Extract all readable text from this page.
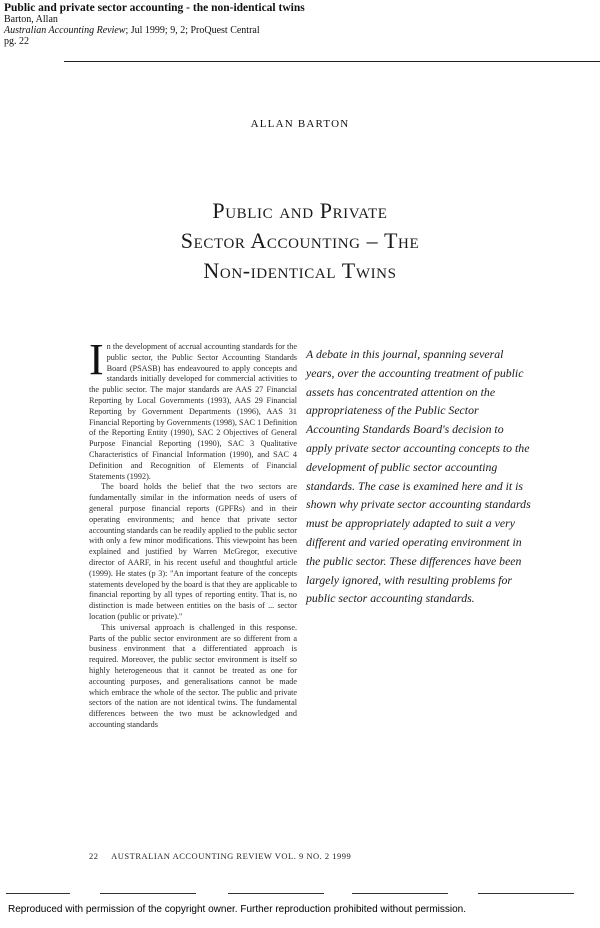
Public and private sector accounting - the non-identical twins
Barton, Allan
Australian Accounting Review; Jul 1999; 9, 2; ProQuest Central
pg. 22
ALLAN BARTON
Public and Private
Sector Accounting – The
Non-identical Twins

In the development of accrual accounting standards for the public sector, the Public Sector Accounting Standards Board (PSASB) has endeavoured to apply concepts and standards initially developed for commercial activities to the public sector. The major standards are AAS 27 Financial Reporting by Local Governments (1993), AAS 29 Financial Reporting by Government Departments (1996), AAS 31 Financial Reporting by Governments (1998), SAC 1 Definition of the Reporting Entity (1990), SAC 2 Objectives of General Purpose Financial Reporting (1990), SAC 3 Qualitative Characteristics of Financial Information (1990), and SAC 4 Definition and Recognition of Elements of Financial Statements (1992).

The board holds the belief that the two sectors are fundamentally similar in the information needs of users of general purpose financial reports (GPFRs) and in their operating environments; and hence that private sector accounting standards can be readily applied to the public sector with only a few minor modifications. This viewpoint has been explained and justified by Warren McGregor, executive director of AARF, in his recent useful and thoughtful article (1999). He states (p 3): "An important feature of the concepts statements developed by the board is that they are applicable to financial reporting by all types of reporting entity. That is, no distinction is made between entities on the basis of ... sector location (public or private)."

This universal approach is challenged in this response. Parts of the public sector environment are so different from a business environment that a differentiated approach is required. Moreover, the public sector environment is itself so highly heterogeneous that it cannot be treated as one for accounting purposes, and generalisations cannot be made which embrace the whole of the sector. The public and private sectors of the nation are not identical twins. The fundamental differences between the two must be acknowledged and accounting standards

A debate in this journal, spanning several years, over the accounting treatment of public assets has concentrated attention on the appropriateness of the Public Sector Accounting Standards Board's decision to apply private sector accounting concepts to the development of public sector accounting standards. The case is examined here and it is shown why private sector accounting standards must be appropriately adapted to suit a very different and varied operating environment in the public sector. These differences have been largely ignored, with resulting problems for public sector accounting standards.
22 AUSTRALIAN ACCOUNTING REVIEW VOL. 9 NO. 2 1999
Reproduced with permission of the copyright owner. Further reproduction prohibited without permission.
